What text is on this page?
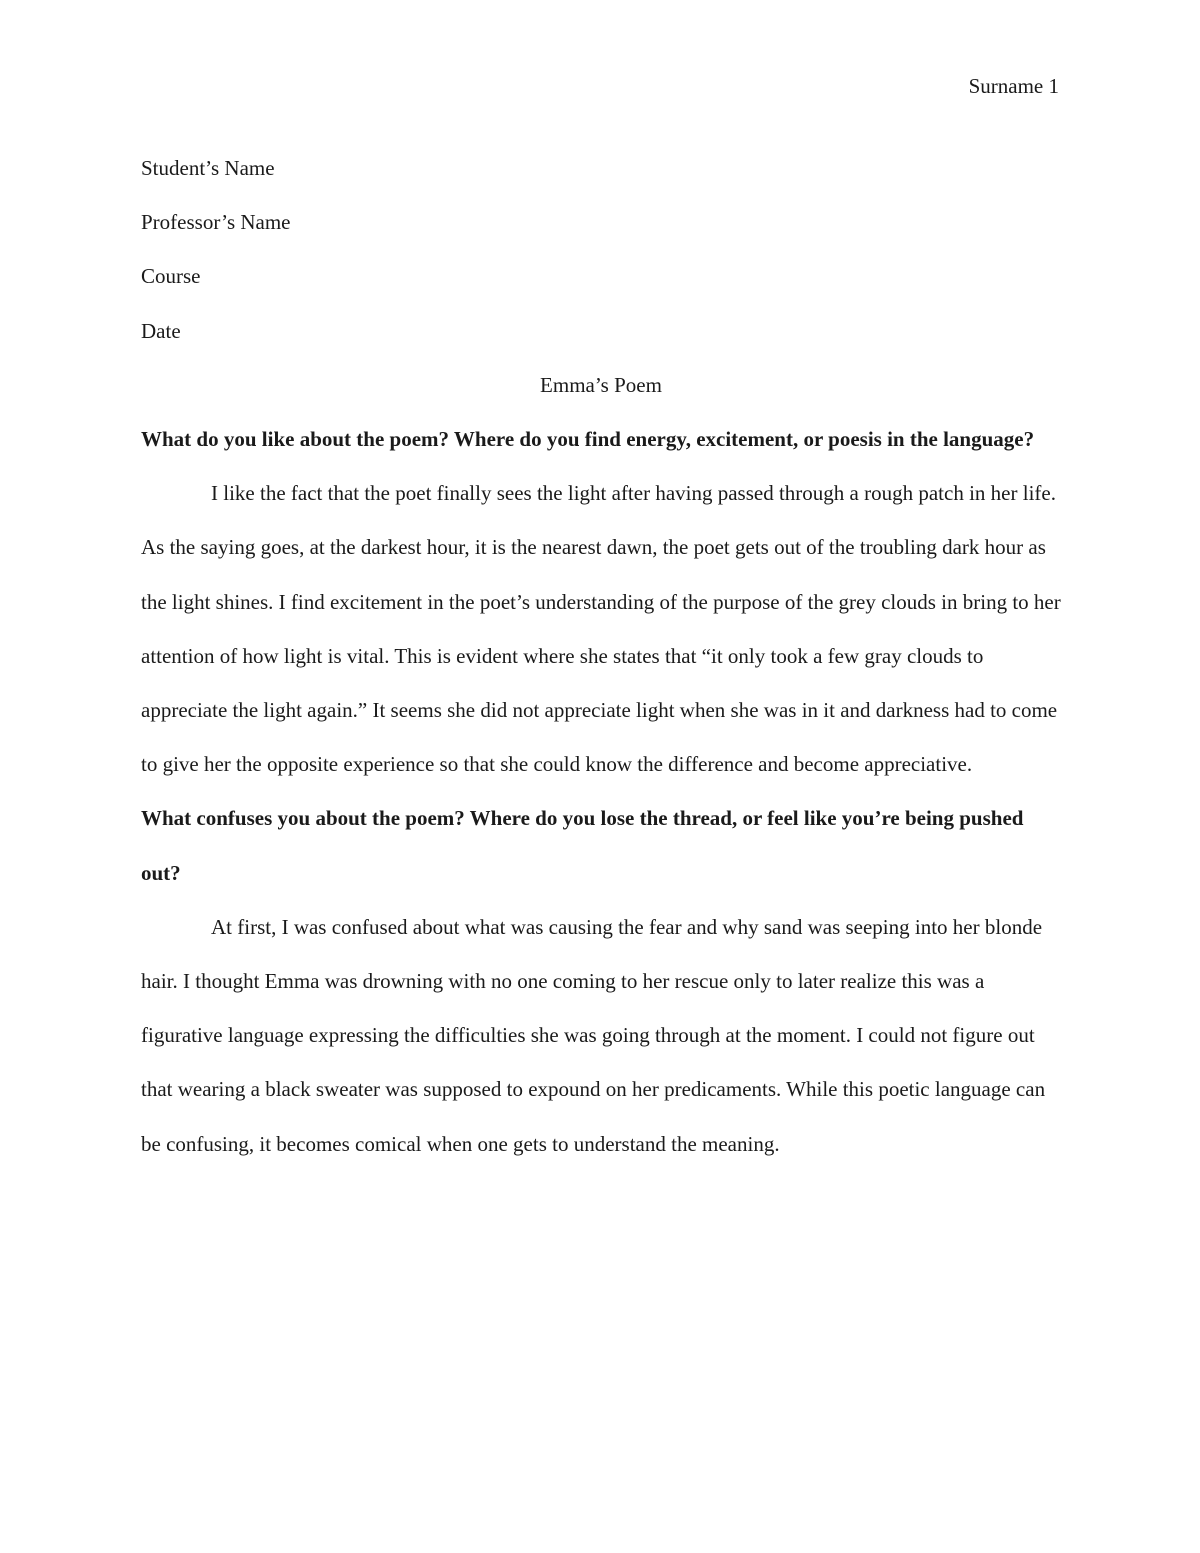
Surname 1

Student’s Name

Professor’s Name

Course

Date

Emma’s Poem

What do you like about the poem? Where do you find energy, excitement, or poesis in the language?

I like the fact that the poet finally sees the light after having passed through a rough patch in her life. As the saying goes, at the darkest hour, it is the nearest dawn, the poet gets out of the troubling dark hour as the light shines. I find excitement in the poet’s understanding of the purpose of the grey clouds in bring to her attention of how light is vital. This is evident where she states that “it only took a few gray clouds to appreciate the light again.” It seems she did not appreciate light when she was in it and darkness had to come to give her the opposite experience so that she could know the difference and become appreciative.

What confuses you about the poem? Where do you lose the thread, or feel like you’re being pushed out?

At first, I was confused about what was causing the fear and why sand was seeping into her blonde hair. I thought Emma was drowning with no one coming to her rescue only to later realize this was a figurative language expressing the difficulties she was going through at the moment. I could not figure out that wearing a black sweater was supposed to expound on her predicaments. While this poetic language can be confusing, it becomes comical when one gets to understand the meaning.
